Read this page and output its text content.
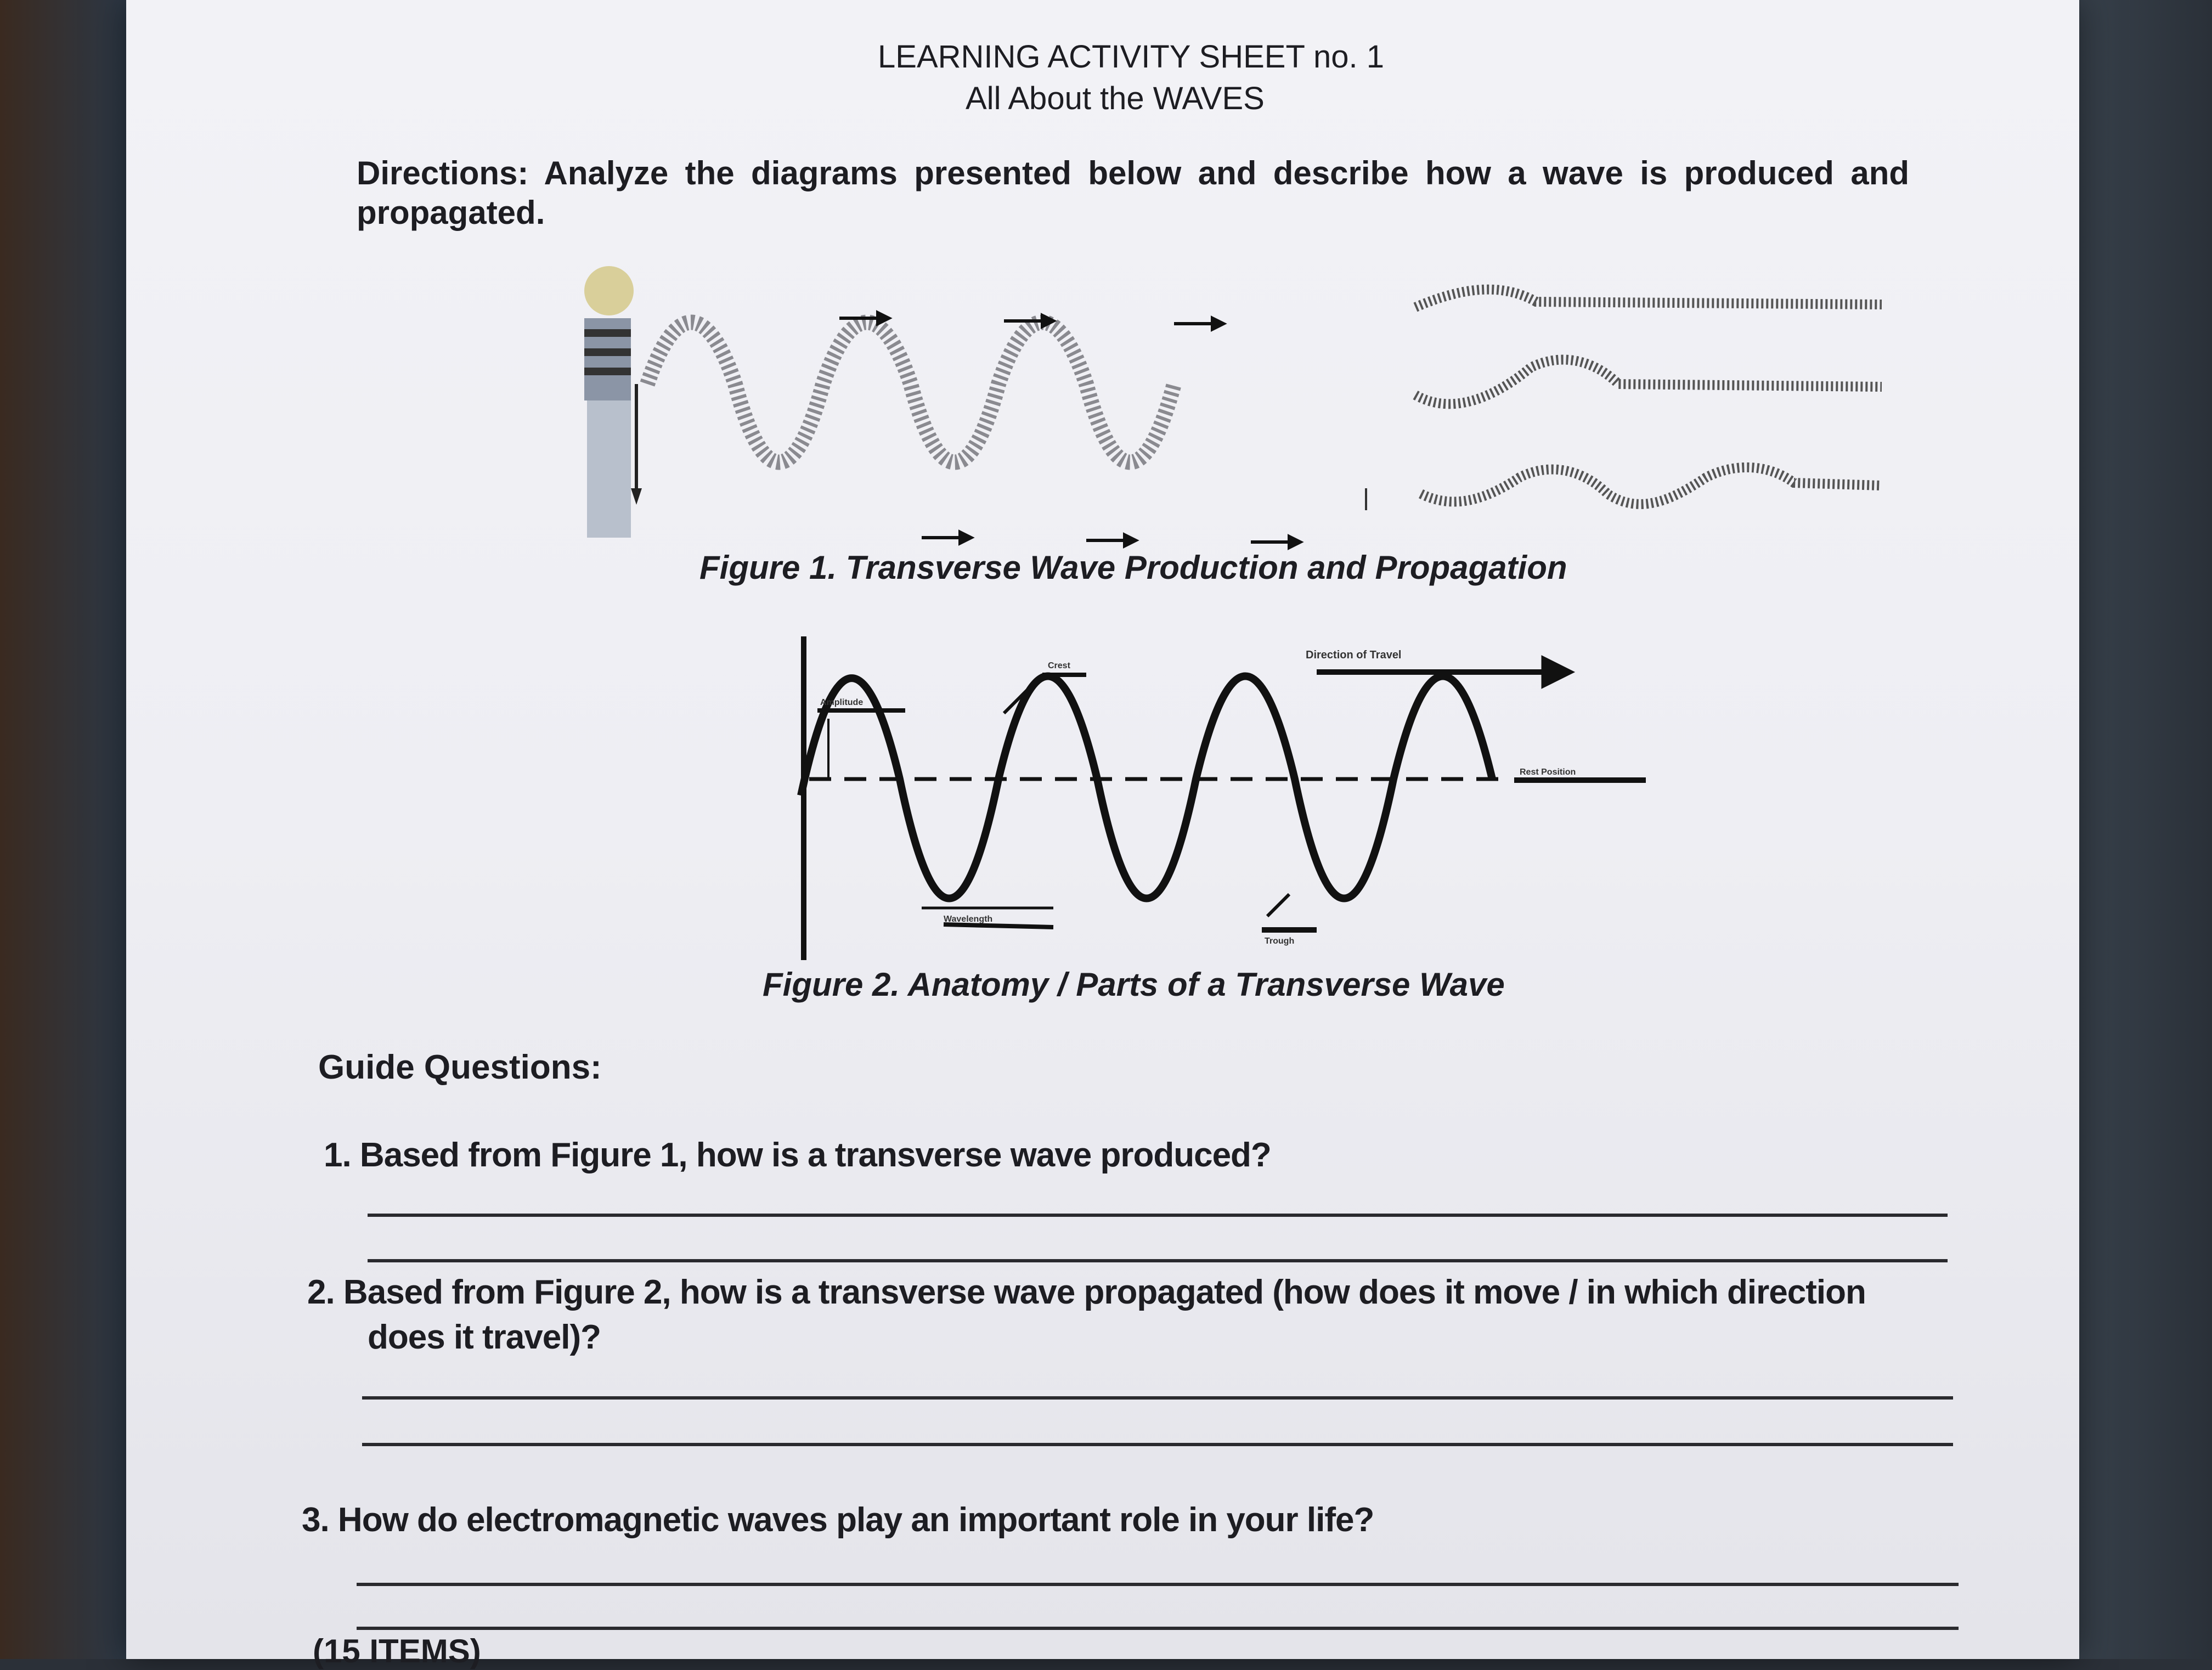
LEARNING ACTIVITY SHEET no. 1
All About the WAVES
Directions: Analyze the diagrams presented below and describe how a wave is produced and propagated.
Figure 1. Transverse Wave Production and Propagation
Direction of Travel
Crest
Amplitude
Rest Position
Wavelength
Trough
Figure 2. Anatomy / Parts of a Transverse Wave
Guide Questions:
1. Based from Figure 1, how is a transverse wave produced?
2. Based from Figure 2, how is a transverse wave propagated (how does it move / in which direction
does it travel)?
3. How do electromagnetic waves play an important role in your life?
(15 ITEMS)
